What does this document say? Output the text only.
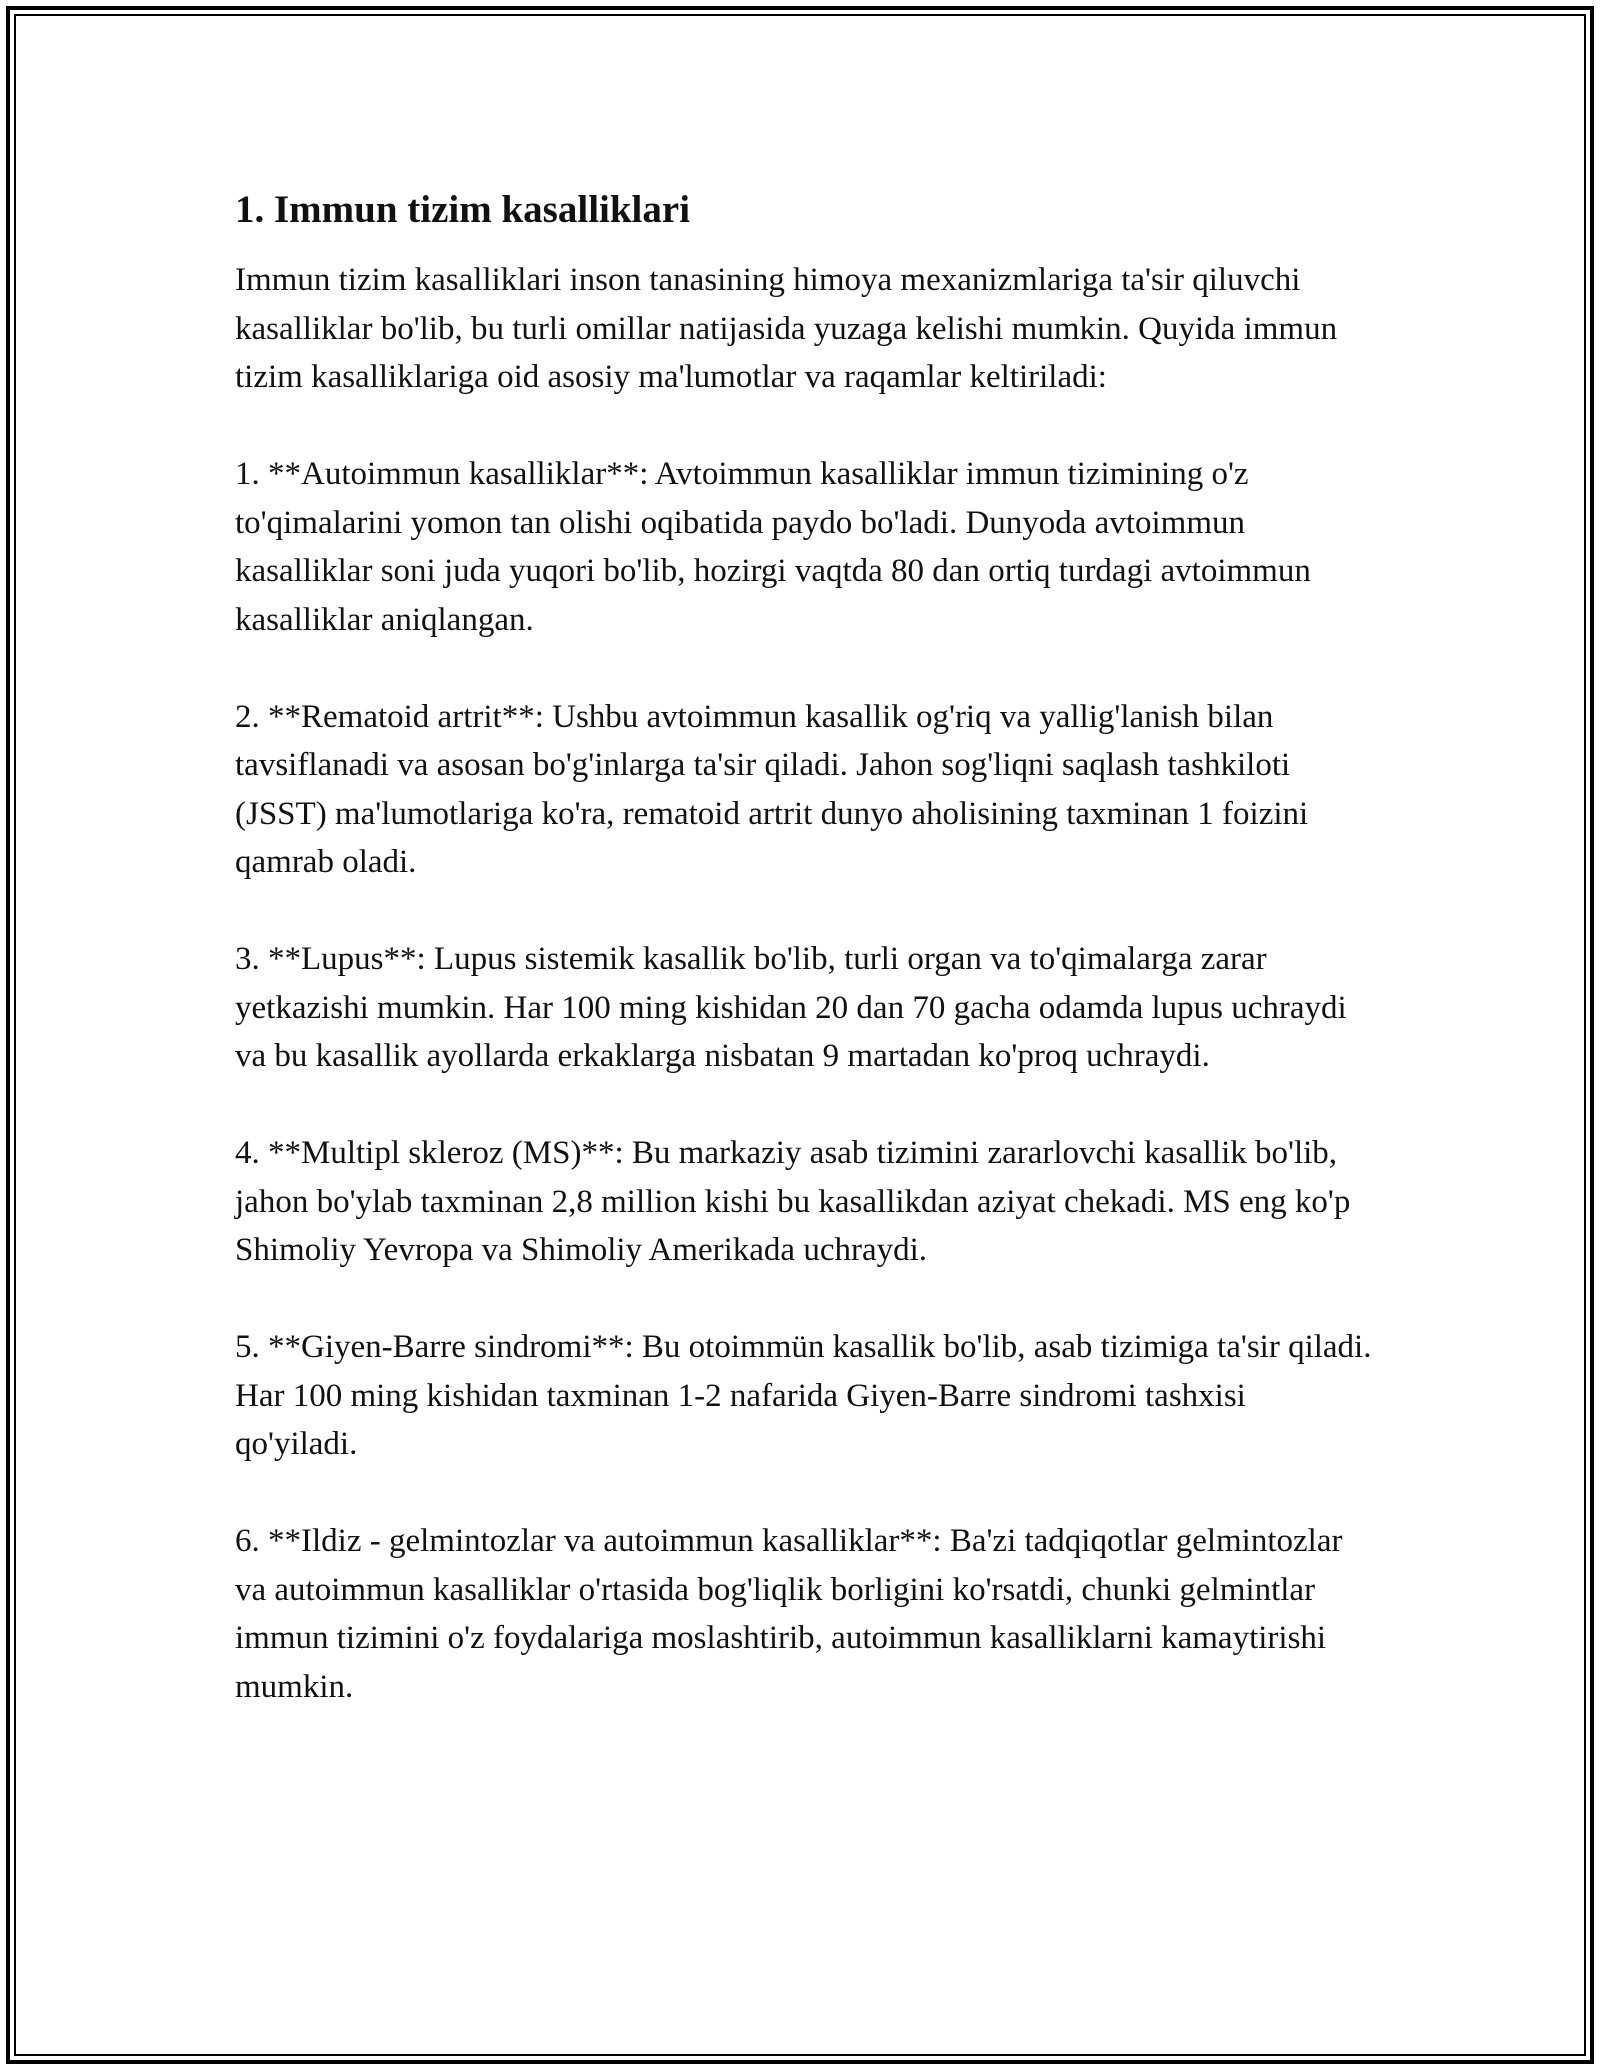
1. Immun tizim kasalliklari

Immun tizim kasalliklari inson tanasining himoya mexanizmlariga ta'sir qiluvchi kasalliklar bo'lib, bu turli omillar natijasida yuzaga kelishi mumkin. Quyida immun tizim kasalliklariga oid asosiy ma'lumotlar va raqamlar keltiriladi:

1. **Autoimmun kasalliklar**: Avtoimmun kasalliklar immun tizimining o'z to'qimalarini yomon tan olishi oqibatida paydo bo'ladi. Dunyoda avtoimmun kasalliklar soni juda yuqori bo'lib, hozirgi vaqtda 80 dan ortiq turdagi avtoimmun kasalliklar aniqlangan.

2. **Rematoid artrit**: Ushbu avtoimmun kasallik og'riq va yallig'lanish bilan tavsiflanadi va asosan bo'g'inlarga ta'sir qiladi. Jahon sog'liqni saqlash tashkiloti (JSST) ma'lumotlariga ko'ra, rematoid artrit dunyo aholisining taxminan 1 foizini qamrab oladi.

3. **Lupus**: Lupus sistemik kasallik bo'lib, turli organ va to'qimalarga zarar yetkazishi mumkin. Har 100 ming kishidan 20 dan 70 gacha odamda lupus uchraydi va bu kasallik ayollarda erkaklarga nisbatan 9 martadan ko'proq uchraydi.

4. **Multipl skleroz (MS)**: Bu markaziy asab tizimini zararlovchi kasallik bo'lib, jahon bo'ylab taxminan 2,8 million kishi bu kasallikdan aziyat chekadi. MS eng ko'p Shimoliy Yevropa va Shimoliy Amerikada uchraydi.

5. **Giyen-Barre sindromi**: Bu otoimmün kasallik bo'lib, asab tizimiga ta'sir qiladi. Har 100 ming kishidan taxminan 1-2 nafarida Giyen-Barre sindromi tashxisi qo'yiladi.

6. **Ildiz - gelmintozlar va autoimmun kasalliklar**: Ba'zi tadqiqotlar gelmintozlar va autoimmun kasalliklar o'rtasida bog'liqlik borligini ko'rsatdi, chunki gelmintlar immun tizimini o'z foydalariga moslashtirib, autoimmun kasalliklarni kamaytirishi mumkin.
